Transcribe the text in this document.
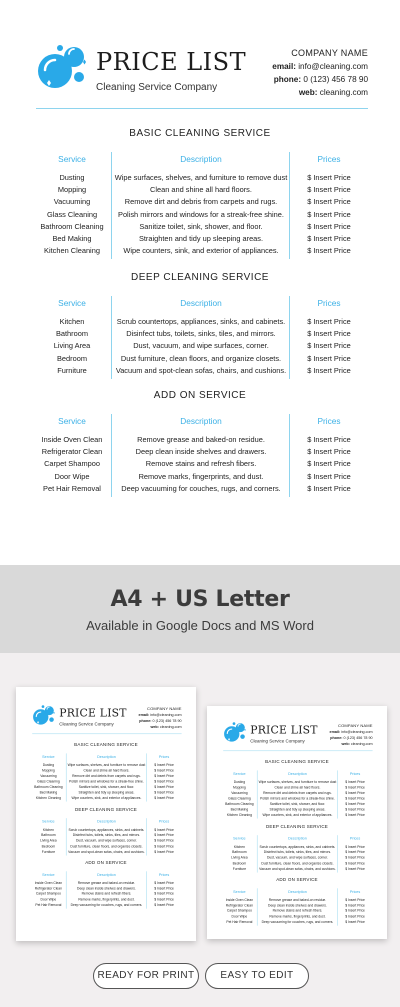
PRICE LIST
Cleaning Service Company
COMPANY NAME
email: info@cleaning.com
phone: 0 (123) 456 78 90
web: cleaning.com
BASIC CLEANING SERVICE
Service	Description	Prices
Dusting	Wipe surfaces, shelves, and furniture to remove dust	$ Insert Price
Mopping	Clean and shine all hard floors.	$ Insert Price
Vacuuming	Remove dirt and debris from carpets and rugs.	$ Insert Price
Glass Cleaning	Polish mirrors and windows for a streak-free shine.	$ Insert Price
Bathroom Cleaning	Sanitize toilet, sink, shower, and floor.	$ Insert Price
Bed Making	Straighten and tidy up sleeping areas.	$ Insert Price
Kitchen Cleaning	Wipe counters, sink, and exterior of appliances.	$ Insert Price
DEEP CLEANING SERVICE
Service	Description	Prices
Kitchen	Scrub countertops, appliances, sinks, and cabinets.	$ Insert Price
Bathroom	Disinfect tubs, toilets, sinks, tiles, and mirrors.	$ Insert Price
Living Area	Dust, vacuum, and wipe surfaces, corner.	$ Insert Price
Bedroom	Dust furniture, clean floors, and organize closets.	$ Insert Price
Furniture	Vacuum and spot-clean sofas, chairs, and cushions.	$ Insert Price
ADD ON SERVICE
Service	Description	Prices
Inside Oven Clean	Remove grease and baked-on residue.	$ Insert Price
Refrigerator Clean	Deep clean inside shelves and drawers.	$ Insert Price
Carpet Shampoo	Remove stains and refresh fibers.	$ Insert Price
Door Wipe	Remove marks, fingerprints, and dust.	$ Insert Price
Pet Hair Removal	Deep vacuuming for couches, rugs, and corners.	$ Insert Price
A4 + US Letter
Available in Google Docs and MS Word
PRICE LIST
Cleaning Service Company
COMPANY NAME
email: info@cleaning.com
phone: 0 (123) 456 78 90
web: cleaning.com
BASIC CLEANING SERVICE
Service	Description	Prices
Dusting	Wipe surfaces, shelves, and furniture to remove dust	$ Insert Price
Mopping	Clean and shine all hard floors.	$ Insert Price
Vacuuming	Remove dirt and debris from carpets and rugs.	$ Insert Price
Glass Cleaning	Polish mirrors and windows for a streak-free shine.	$ Insert Price
Bathroom Cleaning	Sanitize toilet, sink, shower, and floor.	$ Insert Price
Bed Making	Straighten and tidy up sleeping areas.	$ Insert Price
Kitchen Cleaning	Wipe counters, sink, and exterior of appliances.	$ Insert Price
DEEP CLEANING SERVICE
Service	Description	Prices
Kitchen	Scrub countertops, appliances, sinks, and cabinets.	$ Insert Price
Bathroom	Disinfect tubs, toilets, sinks, tiles, and mirrors.	$ Insert Price
Living Area	Dust, vacuum, and wipe surfaces, corner.	$ Insert Price
Bedroom	Dust furniture, clean floors, and organize closets.	$ Insert Price
Furniture	Vacuum and spot-clean sofas, chairs, and cushions.	$ Insert Price
ADD ON SERVICE
Service	Description	Prices
Inside Oven Clean	Remove grease and baked-on residue.	$ Insert Price
Refrigerator Clean	Deep clean inside shelves and drawers.	$ Insert Price
Carpet Shampoo	Remove stains and refresh fibers.	$ Insert Price
Door Wipe	Remove marks, fingerprints, and dust.	$ Insert Price
Pet Hair Removal	Deep vacuuming for couches, rugs, and corners.	$ Insert Price
PRICE LIST
Cleaning Service Company
COMPANY NAME
email: info@cleaning.com
phone: 0 (123) 456 78 90
web: cleaning.com
BASIC CLEANING SERVICE
Service	Description	Prices
Dusting	Wipe surfaces, shelves, and furniture to remove dust	$ Insert Price
Mopping	Clean and shine all hard floors.	$ Insert Price
Vacuuming	Remove dirt and debris from carpets and rugs.	$ Insert Price
Glass Cleaning	Polish mirrors and windows for a streak-free shine.	$ Insert Price
Bathroom Cleaning	Sanitize toilet, sink, shower, and floor.	$ Insert Price
Bed Making	Straighten and tidy up sleeping areas.	$ Insert Price
Kitchen Cleaning	Wipe counters, sink, and exterior of appliances.	$ Insert Price
DEEP CLEANING SERVICE
Service	Description	Prices
Kitchen	Scrub countertops, appliances, sinks, and cabinets.	$ Insert Price
Bathroom	Disinfect tubs, toilets, sinks, tiles, and mirrors.	$ Insert Price
Living Area	Dust, vacuum, and wipe surfaces, corner.	$ Insert Price
Bedroom	Dust furniture, clean floors, and organize closets.	$ Insert Price
Furniture	Vacuum and spot-clean sofas, chairs, and cushions.	$ Insert Price
ADD ON SERVICE
Service	Description	Prices
Inside Oven Clean	Remove grease and baked-on residue.	$ Insert Price
Refrigerator Clean	Deep clean inside shelves and drawers.	$ Insert Price
Carpet Shampoo	Remove stains and refresh fibers.	$ Insert Price
Door Wipe	Remove marks, fingerprints, and dust.	$ Insert Price
Pet Hair Removal	Deep vacuuming for couches, rugs, and corners.	$ Insert Price
READY FOR PRINT	EASY TO EDIT
